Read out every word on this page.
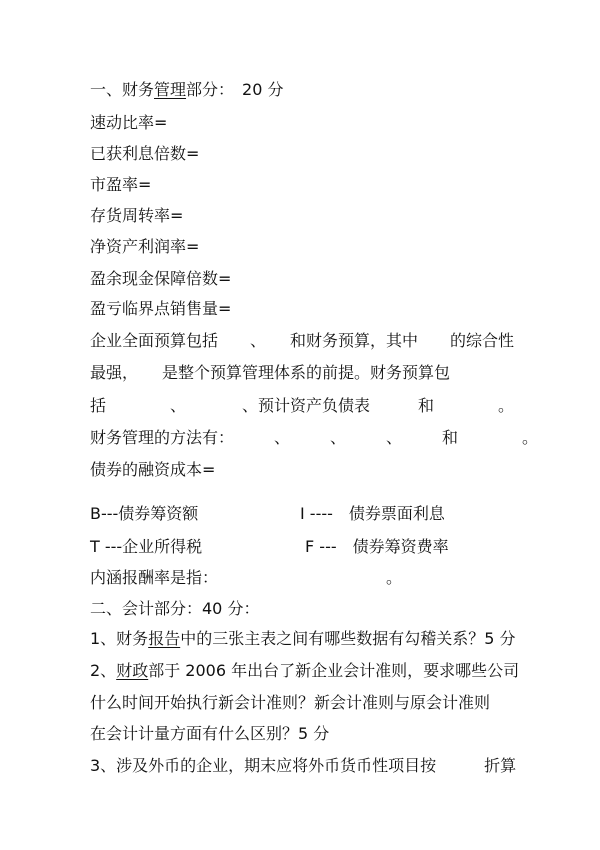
一、财务管理部分：　20 分

速动比率=

已获利息倍数=

市盈率=

存货周转率=

净资产利润率=

盈余现金保障倍数=

盈亏临界点销售量=

企业全面预算包括　　、　　和财务预算，其中　　的综合性

最强，　　是整个预算管理体系的前提。财务预算包

括　　　　、　　　　、预计资产负债表　　　和　　　　。

财务管理的方法有：　　　、　　　、　　　、　　　和　　　　。

债券的融资成本=

B---债券筹资额	I ----　债券票面利息
T ---企业所得税	F ---　债券筹资费率

内涵报酬率是指：　　　　　　　　　　　。

二、会计部分：40 分：

1、财务报告中的三张主表之间有哪些数据有勾稽关系？5 分

2、财政部于 2006 年出台了新企业会计准则，要求哪些公司

什么时间开始执行新会计准则？新会计准则与原会计准则

在会计计量方面有什么区别？5 分

3、涉及外币的企业，期末应将外币货币性项目按　　　折算
